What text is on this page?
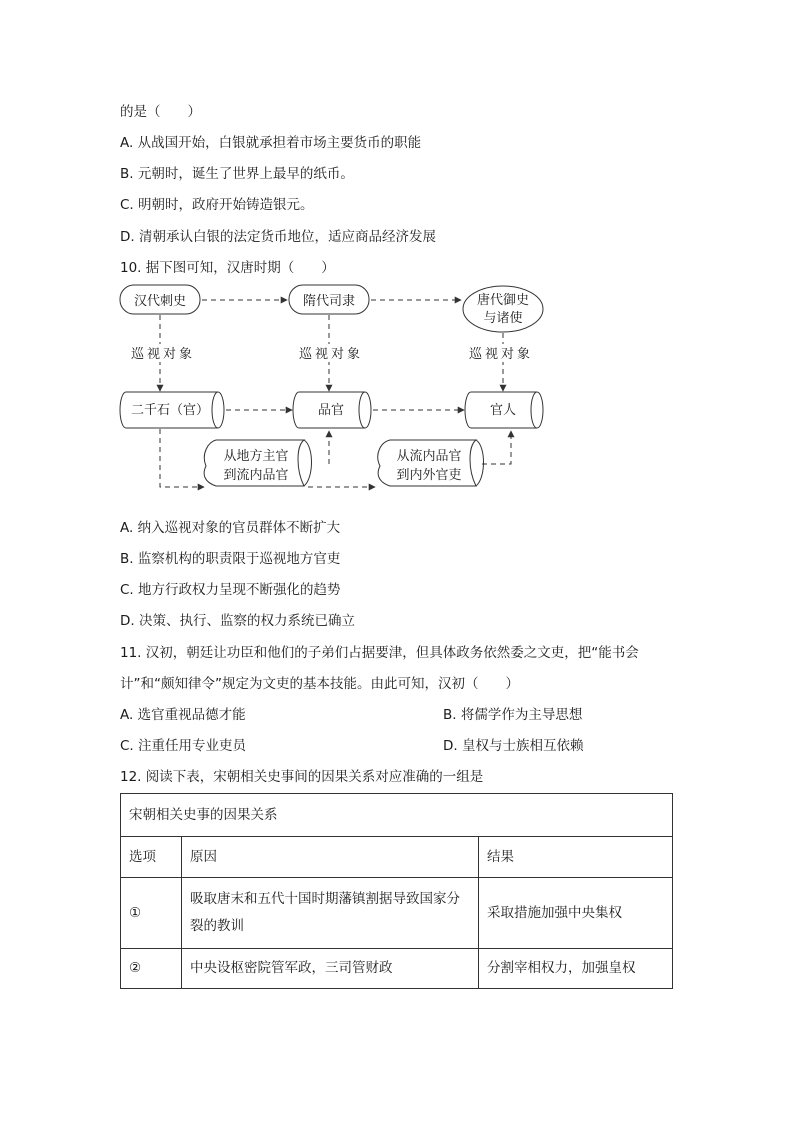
的是（　　）
A. 从战国开始，白银就承担着市场主要货币的职能
B. 元朝时，诞生了世界上最早的纸币。
C. 明朝时，政府开始铸造银元。
D. 清朝承认白银的法定货币地位，适应商品经济发展
10. 据下图可知，汉唐时期（　　）
汉代刺史	隋代司隶	唐代御史
与诸使
巡视对象	巡视对象	巡视对象
二千石（官）	品官	官人
从地方主官
到流内品官
从流内品官
到内外官吏
A. 纳入巡视对象的官员群体不断扩大
B. 监察机构的职责限于巡视地方官吏
C. 地方行政权力呈现不断强化的趋势
D. 决策、执行、监察的权力系统已确立
11. 汉初，朝廷让功臣和他们的子弟们占据要津，但具体政务依然委之文吏，把“能书会
计”和“颇知律令”规定为文吏的基本技能。由此可知，汉初（　　）
A. 选官重视品德才能	B. 将儒学作为主导思想
C. 注重任用专业吏员	D. 皇权与士族相互依赖
12. 阅读下表，宋朝相关史事间的因果关系对应准确的一组是
宋朝相关史事的因果关系		
选项	原因	结果
①	吸取唐末和五代十国时期藩镇割据导致国家分
裂的教训	采取措施加强中央集权
②	中央设枢密院管军政，三司管财政	分割宰相权力，加强皇权
